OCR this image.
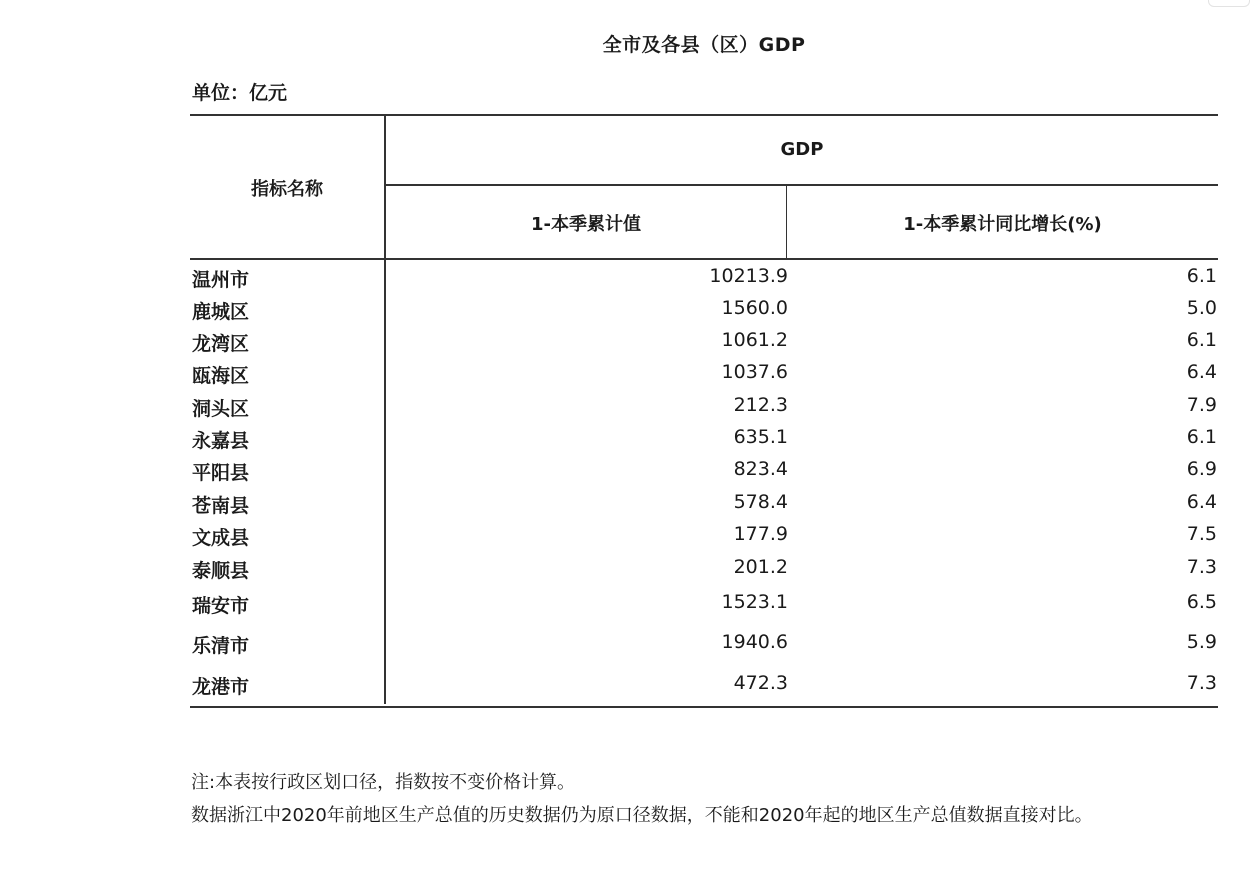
全市及各县（区）GDP
单位：亿元
指标名称
GDP
1-本季累计值	1-本季累计同比增长(%)
温州市	10213.9	6.1
鹿城区	1560.0	5.0
龙湾区	1061.2	6.1
瓯海区	1037.6	6.4
洞头区	212.3	7.9
永嘉县	635.1	6.1
平阳县	823.4	6.9
苍南县	578.4	6.4
文成县	177.9	7.5
泰顺县	201.2	7.3
瑞安市	1523.1	6.5
乐清市	1940.6	5.9
龙港市	472.3	7.3
注:本表按行政区划口径，指数按不变价格计算。
数据浙江中2020年前地区生产总值的历史数据仍为原口径数据，不能和2020年起的地区生产总值数据直接对比。
